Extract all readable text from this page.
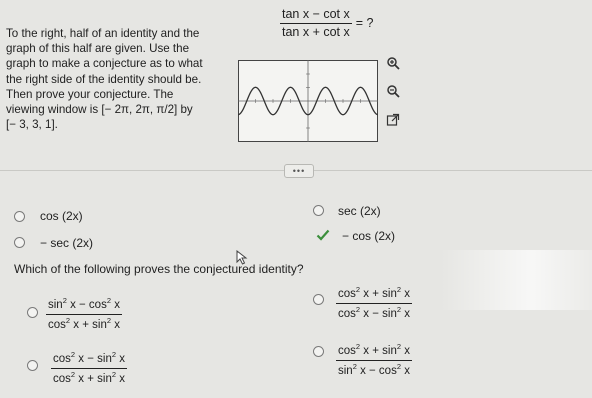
To the right, half of an identity and the
graph of this half are given. Use the
graph to make a conjecture as to what
the right side of the identity should be.
Then prove your conjecture. The
viewing window is [− 2π, 2π, π/2] by
[− 3, 3, 1].
$\frac{\text{tan x − cot x}}{\text{tan x + cot x}}$ = ?
•••
cos (2x)	sec (2x)
− sec (2x)	− cos (2x)
Which of the following proves the conjectured identity?
$\frac{\sin^2 x - \cos^2 x}{\cos^2 x + \sin^2 x}$	$\frac{\cos^2 x + \sin^2 x}{\cos^2 x - \sin^2 x}$
$\frac{\cos^2 x - \sin^2 x}{\cos^2 x + \sin^2 x}$	$\frac{\cos^2 x + \sin^2 x}{\sin^2 x - \cos^2 x}$
